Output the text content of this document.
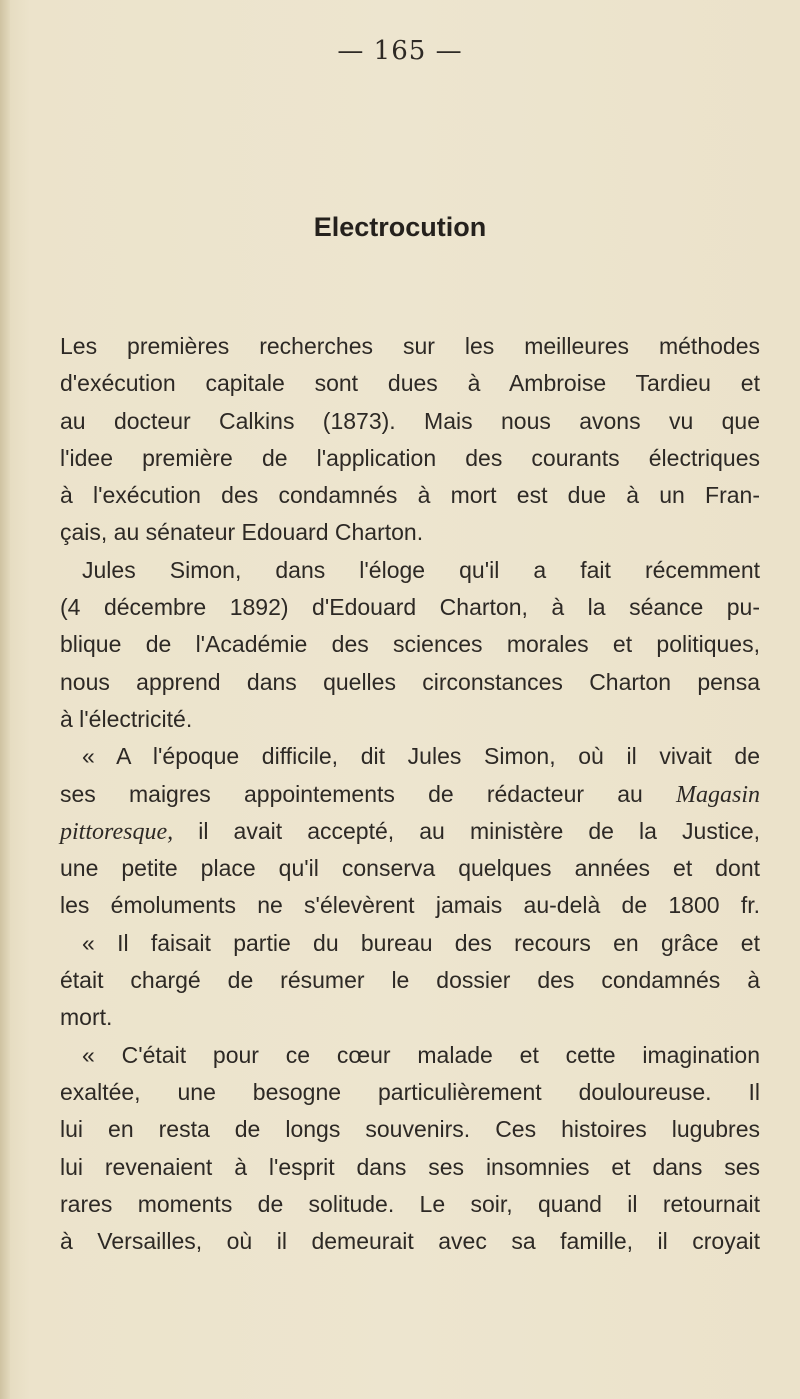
— 165 —
Electrocution
Les premières recherches sur les meilleures méthodes
d'exécution capitale sont dues à Ambroise Tardieu et
au docteur Calkins (1873). Mais nous avons vu que
l'idee première de l'application des courants électriques
à l'exécution des condamnés à mort est due à un Fran-
çais, au sénateur Edouard Charton.
Jules Simon, dans l'éloge qu'il a fait récemment
(4 décembre 1892) d'Edouard Charton, à la séance pu-
blique de l'Académie des sciences morales et politiques,
nous apprend dans quelles circonstances Charton pensa
à l'électricité.
« A l'époque difficile, dit Jules Simon, où il vivait de
ses maigres appointements de rédacteur au Magasin
pittoresque, il avait accepté, au ministère de la Justice,
une petite place qu'il conserva quelques années et dont
les émoluments ne s'élevèrent jamais au-delà de 1800 fr.
« Il faisait partie du bureau des recours en grâce et
était chargé de résumer le dossier des condamnés à
mort.
« C'était pour ce cœur malade et cette imagination
exaltée, une besogne particulièrement douloureuse. Il
lui en resta de longs souvenirs. Ces histoires lugubres
lui revenaient à l'esprit dans ses insomnies et dans ses
rares moments de solitude. Le soir, quand il retournait
à Versailles, où il demeurait avec sa famille, il croyait
